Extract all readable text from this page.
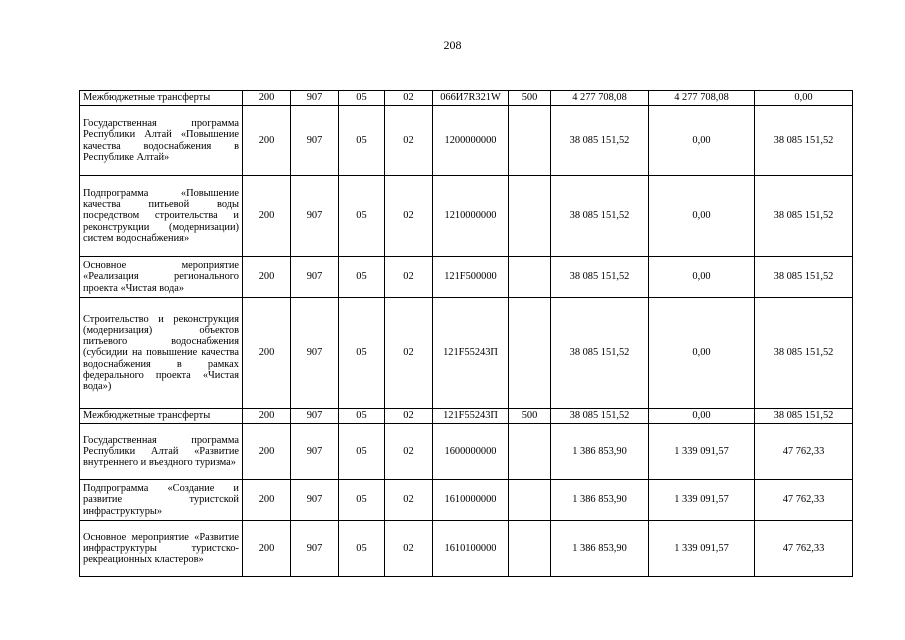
208
Межбюджетные трансферты	200	907	05	02	066И7R321W	500	4 277 708,08	4 277 708,08	0,00
Государственная программа Республики Алтай «Повышение качества водоснабжения в Республике Алтай»	200	907	05	02	1200000000		38 085 151,52	0,00	38 085 151,52
Подпрограмма «Повышение качества питьевой воды посредством строительства и реконструкции (модернизации) систем водоснабжения»	200	907	05	02	1210000000		38 085 151,52	0,00	38 085 151,52
Основное мероприятие «Реализация регионального проекта «Чистая вода»	200	907	05	02	121F500000		38 085 151,52	0,00	38 085 151,52
Строительство и реконструкция (модернизация) объектов питьевого водоснабжения (субсидии на повышение качества водоснабжения в рамках федерального проекта «Чистая вода»)	200	907	05	02	121F55243П		38 085 151,52	0,00	38 085 151,52
Межбюджетные трансферты	200	907	05	02	121F55243П	500	38 085 151,52	0,00	38 085 151,52
Государственная программа Республики Алтай «Развитие внутреннего и въездного туризма»	200	907	05	02	1600000000		1 386 853,90	1 339 091,57	47 762,33
Подпрограмма «Создание и развитие туристской инфраструктуры»	200	907	05	02	1610000000		1 386 853,90	1 339 091,57	47 762,33
Основное мероприятие «Развитие инфраструктуры туристско-рекреационных кластеров»	200	907	05	02	1610100000		1 386 853,90	1 339 091,57	47 762,33
